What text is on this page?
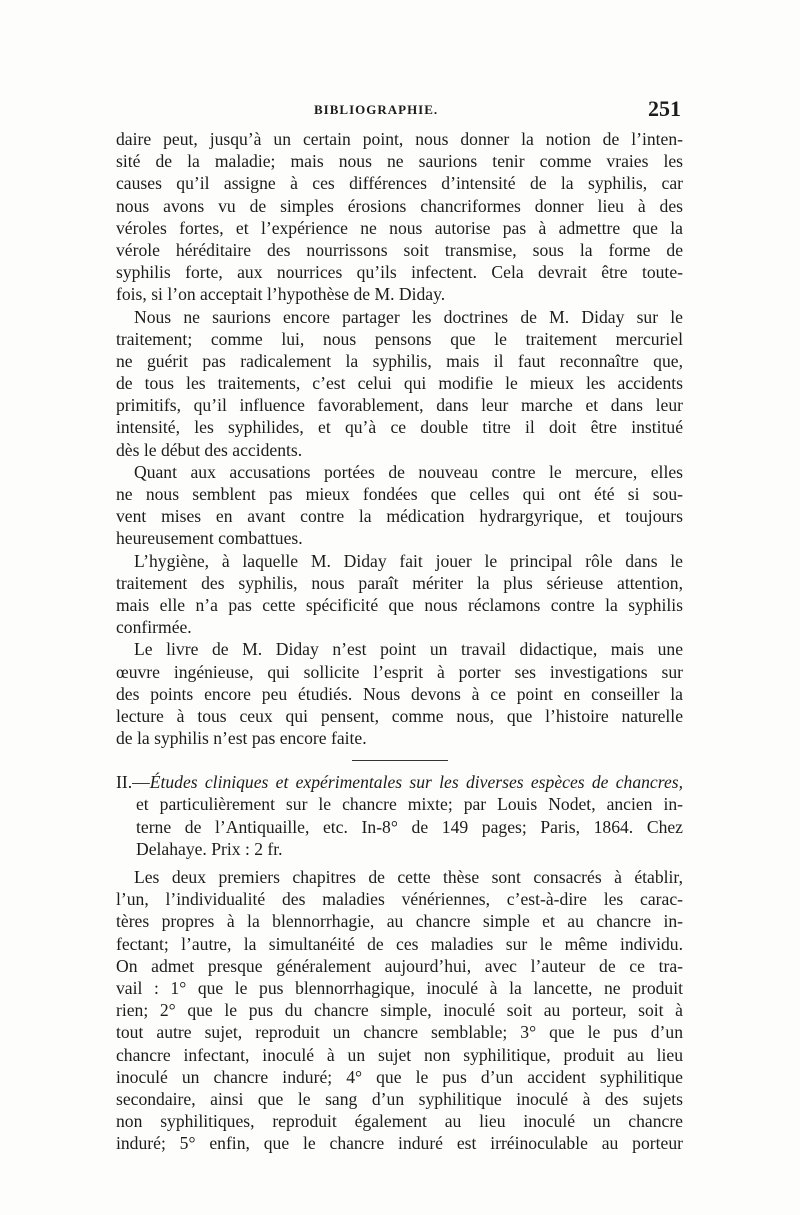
BIBLIOGRAPHIE.	251
daire peut, jusqu’à un certain point, nous donner la notion de l’inten-
sité de la maladie; mais nous ne saurions tenir comme vraies les
causes qu’il assigne à ces différences d’intensité de la syphilis, car
nous avons vu de simples érosions chancriformes donner lieu à des
véroles fortes, et l’expérience ne nous autorise pas à admettre que la
vérole héréditaire des nourrissons soit transmise, sous la forme de
syphilis forte, aux nourrices qu’ils infectent. Cela devrait être toute-
fois, si l’on acceptait l’hypothèse de M. Diday.
Nous ne saurions encore partager les doctrines de M. Diday sur le
traitement; comme lui, nous pensons que le traitement mercuriel
ne guérit pas radicalement la syphilis, mais il faut reconnaître que,
de tous les traitements, c’est celui qui modifie le mieux les accidents
primitifs, qu’il influence favorablement, dans leur marche et dans leur
intensité, les syphilides, et qu’à ce double titre il doit être institué
dès le début des accidents.
Quant aux accusations portées de nouveau contre le mercure, elles
ne nous semblent pas mieux fondées que celles qui ont été si sou-
vent mises en avant contre la médication hydrargyrique, et toujours
heureusement combattues.
L’hygiène, à laquelle M. Diday fait jouer le principal rôle dans le
traitement des syphilis, nous paraît mériter la plus sérieuse attention,
mais elle n’a pas cette spécificité que nous réclamons contre la syphilis
confirmée.
Le livre de M. Diday n’est point un travail didactique, mais une
œuvre ingénieuse, qui sollicite l’esprit à porter ses investigations sur
des points encore peu étudiés. Nous devons à ce point en conseiller la
lecture à tous ceux qui pensent, comme nous, que l’histoire naturelle
de la syphilis n’est pas encore faite.
II.—Études cliniques et expérimentales sur les diverses espèces de chancres,
et particulièrement sur le chancre mixte; par Louis Nodet, ancien in-
terne de l’Antiquaille, etc. In-8° de 149 pages; Paris, 1864. Chez
Delahaye. Prix : 2 fr.
Les deux premiers chapitres de cette thèse sont consacrés à établir,
l’un, l’individualité des maladies vénériennes, c’est-à-dire les carac-
tères propres à la blennorrhagie, au chancre simple et au chancre in-
fectant; l’autre, la simultanéité de ces maladies sur le même individu.
On admet presque généralement aujourd’hui, avec l’auteur de ce tra-
vail : 1° que le pus blennorrhagique, inoculé à la lancette, ne produit
rien; 2° que le pus du chancre simple, inoculé soit au porteur, soit à
tout autre sujet, reproduit un chancre semblable; 3° que le pus d’un
chancre infectant, inoculé à un sujet non syphilitique, produit au lieu
inoculé un chancre induré; 4° que le pus d’un accident syphilitique
secondaire, ainsi que le sang d’un syphilitique inoculé à des sujets
non syphilitiques, reproduit également au lieu inoculé un chancre
induré; 5° enfin, que le chancre induré est irréinoculable au porteur
